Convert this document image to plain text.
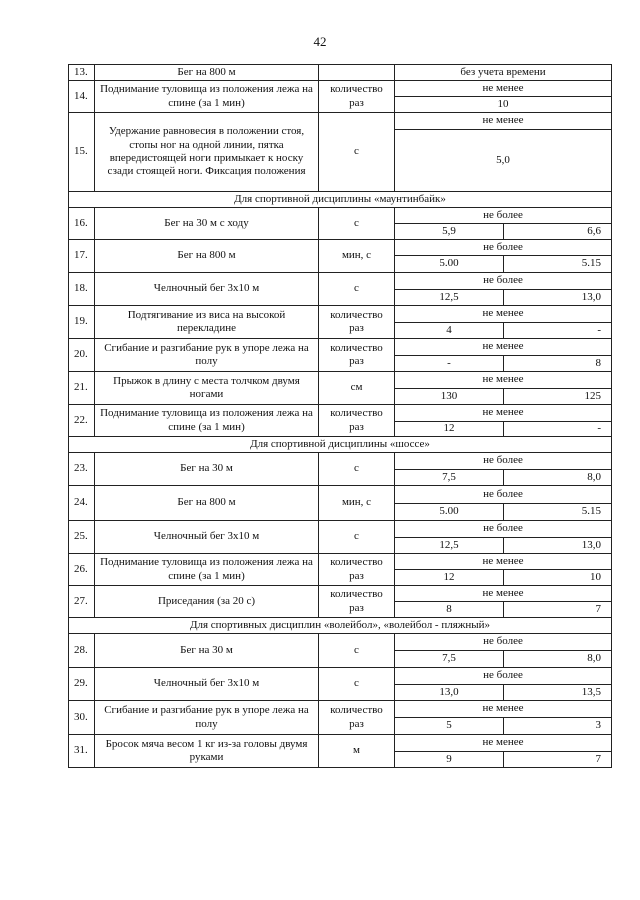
42
13.	Бег на 800 м		без учета времени	
14.	Поднимание туловища из положения лежа на спине (за 1 мин)	количество раз	не менее	
			10	
15.	Удержание равновесия в положении стоя, стопы ног на одной линии, пятка впередистоящей ноги примыкает к носку сзади стоящей ноги. Фиксация положения	с	не менее	
			5,0	
Для спортивной дисциплины «маунтинбайк»				
16.	Бег на 30 м с ходу	с	не более	
			5,9	6,6
17.	Бег на 800 м	мин, с	не более	
			5.00	5.15
18.	Челночный бег 3х10 м	с	не более	
			12,5	13,0
19.	Подтягивание из виса на высокой перекладине	количество раз	не менее	
			4	-
20.	Сгибание и разгибание рук в упоре лежа на полу	количество раз	не менее	
			-	8
21.	Прыжок в длину с места толчком двумя ногами	см	не менее	
			130	125
22.	Поднимание туловища из положения лежа на спине (за 1 мин)	количество раз	не менее	
			12	-
Для спортивной дисциплины «шоссе»				
23.	Бег на 30 м	с	не более	
			7,5	8,0
24.	Бег на 800 м	мин, с	не более	
			5.00	5.15
25.	Челночный бег 3х10 м	с	не более	
			12,5	13,0
26.	Поднимание туловища из положения лежа на спине (за 1 мин)	количество раз	не менее	
			12	10
27.	Приседания (за 20 с)	количество раз	не менее	
			8	7
Для спортивных дисциплин «волейбол», «волейбол - пляжный»				
28.	Бег на 30 м	с	не более	
			7,5	8,0
29.	Челночный бег 3х10 м	с	не более	
			13,0	13,5
30.	Сгибание и разгибание рук в упоре лежа на полу	количество раз	не менее	
			5	3
31.	Бросок мяча весом 1 кг из-за головы двумя руками	м	не менее	
			9	7
